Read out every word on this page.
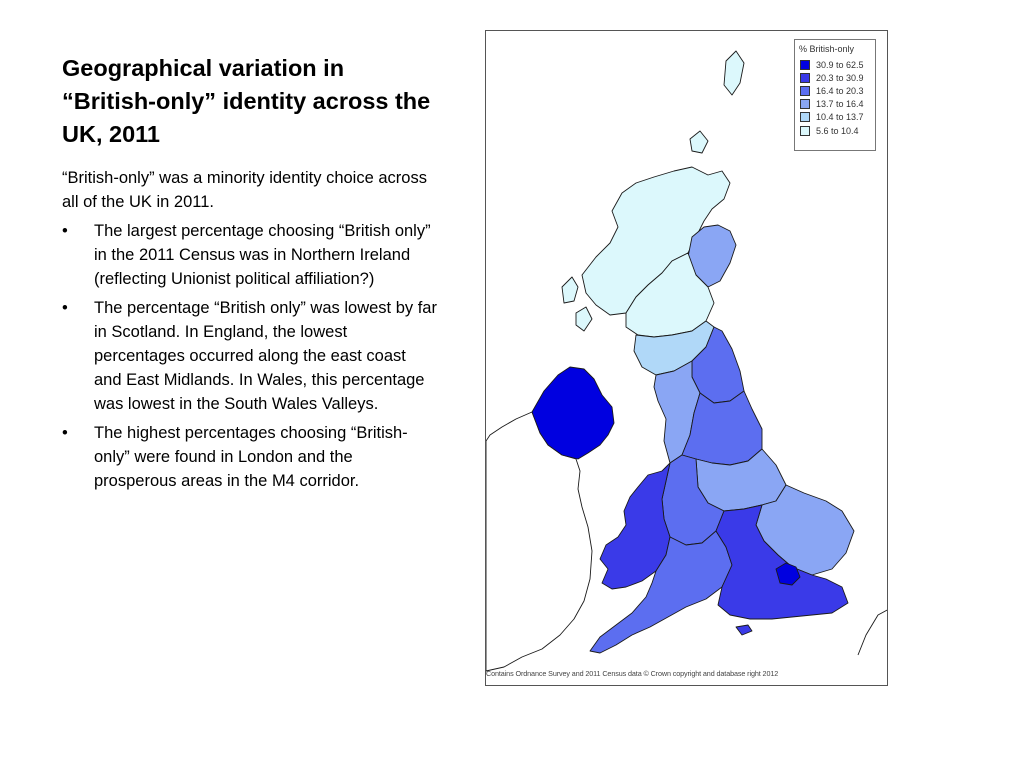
Geographical variation in “British-only” identity across the UK, 2011

“British-only” was a minority identity choice across all of the UK in 2011.

•	The largest percentage choosing “British only” in the 2011 Census was in Northern Ireland (reflecting Unionist political affiliation?)
•	The percentage “British only” was lowest by far in Scotland. In England, the lowest percentages occurred along the east coast and East Midlands. In Wales, this percentage was lowest in the South Wales Valleys.
•	The highest percentages choosing “British-only” were found in London and the prosperous areas in the M4 corridor.
% British-only
30.9 to 62.5
20.3 to 30.9
16.4 to 20.3
13.7 to 16.4
10.4 to 13.7
5.6 to 10.4
Contains Ordnance Survey and 2011 Census data © Crown copyright and database right 2012
